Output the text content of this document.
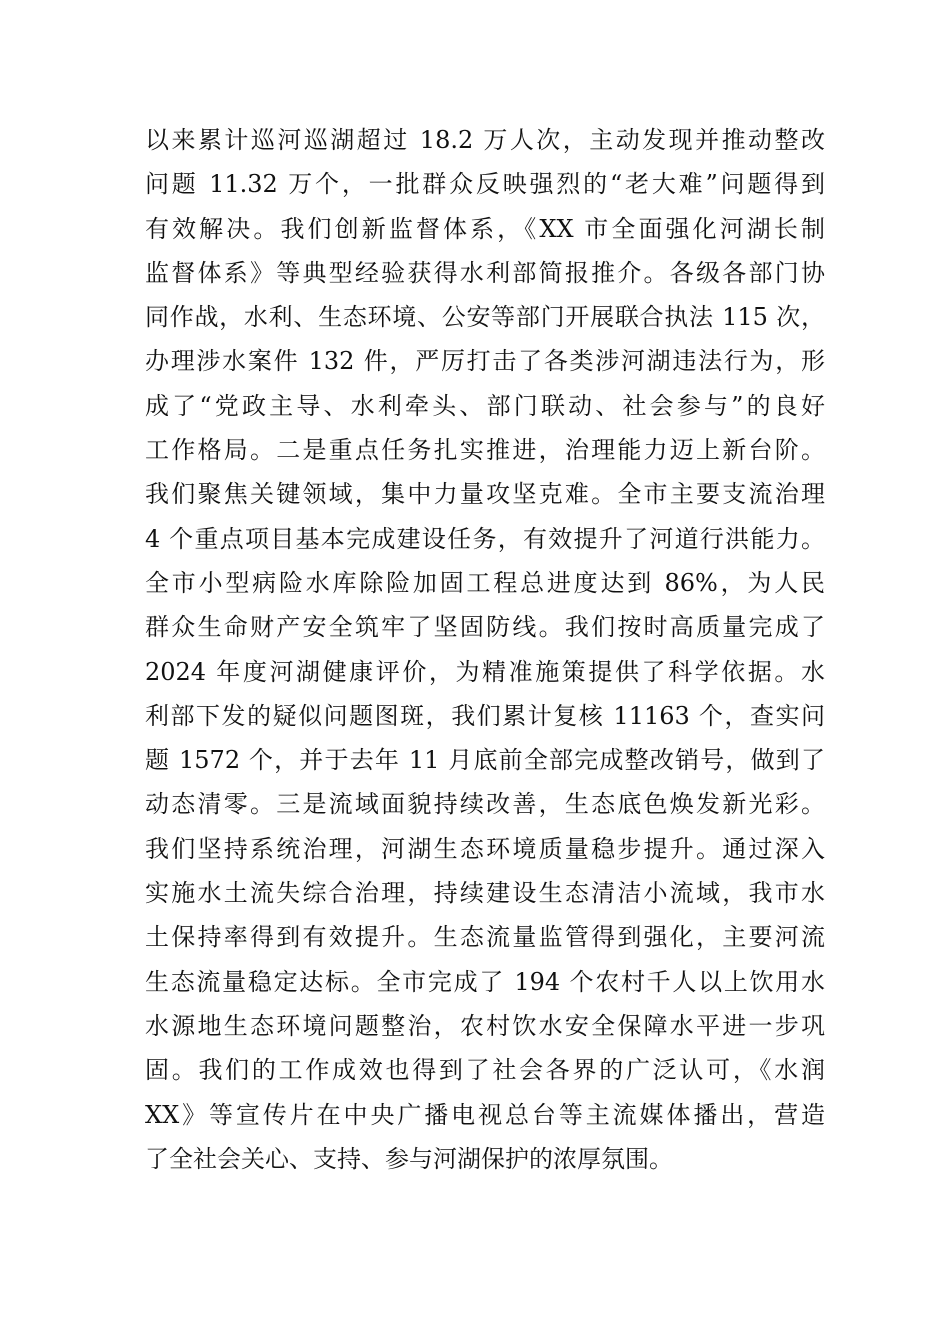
以来累计巡河巡湖超过 18.2 万人次，主动发现并推动整改
问题 11.32 万个，一批群众反映强烈的“老大难”问题得到
有效解决。我们创新监督体系，《XX 市全面强化河湖长制
监督体系》等典型经验获得水利部简报推介。各级各部门协
同作战，水利、生态环境、公安等部门开展联合执法 115 次，
办理涉水案件 132 件，严厉打击了各类涉河湖违法行为，形
成了“党政主导、水利牵头、部门联动、社会参与”的良好
工作格局。二是重点任务扎实推进，治理能力迈上新台阶。
我们聚焦关键领域，集中力量攻坚克难。全市主要支流治理
4 个重点项目基本完成建设任务，有效提升了河道行洪能力。
全市小型病险水库除险加固工程总进度达到 86%，为人民
群众生命财产安全筑牢了坚固防线。我们按时高质量完成了
2024 年度河湖健康评价，为精准施策提供了科学依据。水
利部下发的疑似问题图斑，我们累计复核 11163 个，查实问
题 1572 个，并于去年 11 月底前全部完成整改销号，做到了
动态清零。三是流域面貌持续改善，生态底色焕发新光彩。
我们坚持系统治理，河湖生态环境质量稳步提升。通过深入
实施水土流失综合治理，持续建设生态清洁小流域，我市水
土保持率得到有效提升。生态流量监管得到强化，主要河流
生态流量稳定达标。全市完成了 194 个农村千人以上饮用水
水源地生态环境问题整治，农村饮水安全保障水平进一步巩
固。我们的工作成效也得到了社会各界的广泛认可，《水润
XX》等宣传片在中央广播电视总台等主流媒体播出，营造
了全社会关心、支持、参与河湖保护的浓厚氛围。
